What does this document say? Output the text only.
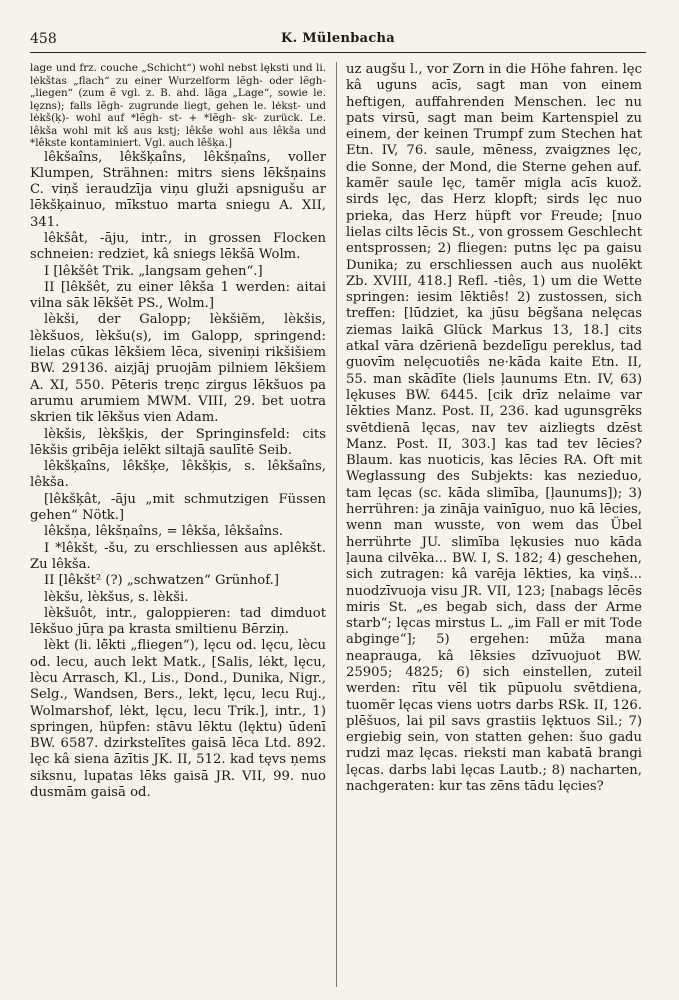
458	K. Mülenbacha

lage und frz. couche „Schicht“) wohl nebst lęksti und li. lėkštas „flach“ zu einer Wurzelform lẽgh- oder lẽgh- „liegen“ (zum ẽ vgl. z. B. ahd. lāga „Lage“, sowie le. lęzns); falls lẽgh- zugrunde liegt, gehen le. lėkst- und lėkš(ķ)- wohl auf *lẽgh- st- + *lẽgh- sk- zurück. Le. lêkša wohl mit kš aus kstj; lêkše wohl aus lêkša und *lêkste kontaminiert. Vgl. auch lêšķa.]

lêkšaîns, lêkšķaîns, lêkšņaîns, voller Klumpen, Strähnen: mitrs siens lēkšņains C. viņš ieraudzīja viņu gluži apsnigušu ar lēkšķainuo, mīkstuo marta sniegu A. XII, 341.

lêkšât, -āju, intr., in grossen Flocken schneien: redziet, kâ sniegs lēkšā Wolm.

I [lêkšêt Trik. „langsam gehen“.]

II [lêkšêt, zu einer lêkša 1 werden: aitai vilna sāk lēkšēt PS., Wolm.]

lèkši, der Galopp; lèkšiẽm, lèkšis, lèkšuos, lèkšu(s), im Galopp, springend: lielas cūkas lēkšiem lēca, siveniņi rikšišiem BW. 29136. aizjāj pruojām pilniem lēkšiem A. XI, 550. Pēteris treņc zirgus lēkšuos pa arumu arumiem MWM. VIII, 29. bet uotra skrien tik lēkšus vien Adam.

lèkšis, lèkšķis, der Springinsfeld: cits lēkšis gribēja ielēkt siltajā saulītē Seib.

lêkšķaîns, lêkšķe, lêkšķis, s. lêkšaîns, lêkša.

[lêkšķât, -āju „mit schmutzigen Füssen gehen“ Nötk.]

lêkšņa, lêkšņaîns, = lêkša, lêkšaîns.

I *lêkšt, -šu, zu erschliessen aus aplêkšt. Zu lêkša.

II [lêkšt² (?) „schwatzen“ Grünhof.]

lèkšu, lèkšus, s. lèkši.

lèkšuôt, intr., galoppieren: tad dimduot lēkšuo jūŗa pa krasta smiltienu Bērziņ.

lèkt (li. lė̃kti „fliegen“), lęcu od. lęcu, lècu od. lecu, auch lekt Matk., [Salis, lėkt, lęcu, lècu Arrasch, Kl., Lis., Dond., Dunika, Nigr., Selg., Wandsen, Bers., lekt, lęcu, lecu Ruj., Wolmarshof, lėkt, lęcu, lecu Trik.], intr., 1) springen, hüpfen: stāvu lēktu (lęktu) ūdenī BW. 6587. dzirkstelītes gaisā lēca Ltd. 892. lęc kâ siena āzītis JK. II, 512. kad tęvs ņems siksnu, lupatas lēks gaisā JR. VII, 99. nuo dusmām gaisā od.

uz augšu l., vor Zorn in die Höhe fahren. lęc kâ uguns acīs, sagt man von einem heftigen, auffahrenden Menschen. lec nu pats virsū, sagt man beim Kartenspiel zu einem, der keinen Trumpf zum Stechen hat Etn. IV, 76. saule, mēness, zvaigznes lęc, die Sonne, der Mond, die Sterne gehen auf. kamẽr saule lęc, tamẽr migla acīs kuož. sirds lęc, das Herz klopft; sirds lęc nuo prieka, das Herz hüpft vor Freude; [nuo lielas cilts lēcis St., von grossem Geschlecht entsprossen; 2) fliegen: putns lęc pa gaisu Dunika; zu erschliessen auch aus nuolēkt Zb. XVIII, 418.] Refl. -tiês, 1) um die Wette springen: iesim lēktiês! 2) zustossen, sich treffen: [lūdziet, ka jūsu bēgšana nelęcas ziemas laikā Glück Markus 13, 18.] cits atkal vāra dzērienā bezdelīgu pereklus, tad guovīm nelęcuotiês ne·kāda kaite Etn. II, 55. man skādīte (liels ļaunums Etn. IV, 63) lękuses BW. 6445. [cik drīz nelaime var lēkties Manz. Post. II, 236. kad ugunsgrēks svētdienā lęcas, nav tev aizliegts dzēst Manz. Post. II, 303.] kas tad tev lēcies? Blaum. kas nuoticis, kas lēcies RA. Oft mit Weglassung des Subjekts: kas nezieduo, tam lęcas (sc. kāda slimība, [ļaunums]); 3) herrühren: ja zināja vainīguo, nuo kā lēcies, wenn man wusste, von wem das Übel herrührte JU. slimība lękusies nuo kāda ļauna cilvēka... BW. I, S. 182; 4) geschehen, sich zutragen: kâ varēja lēkties, ka viņš... nuodzīvuoja visu JR. VII, 123; [nabags lēcēs miris St. „es begab sich, dass der Arme starb“; lęcas mirstus L. „im Fall er mit Tode abginge“]; 5) ergehen: mūža mana neaprauga, kâ lēksies dzīvuojuot BW. 25905; 4825; 6) sich einstellen, zuteil werden: rītu vēl tik pūpuolu svētdiena, tuomẽr lęcas viens uotrs darbs RSk. II, 126. plēšuos, lai pil savs grastiis lęktuos Sil.; 7) ergiebig sein, von statten gehen: šuo gadu rudzi maz lęcas. rieksti man kabatā brangi lęcas. darbs labi lęcas Lautb.; 8) nacharten, nachgeraten: kur tas zēns tādu lęcies?
